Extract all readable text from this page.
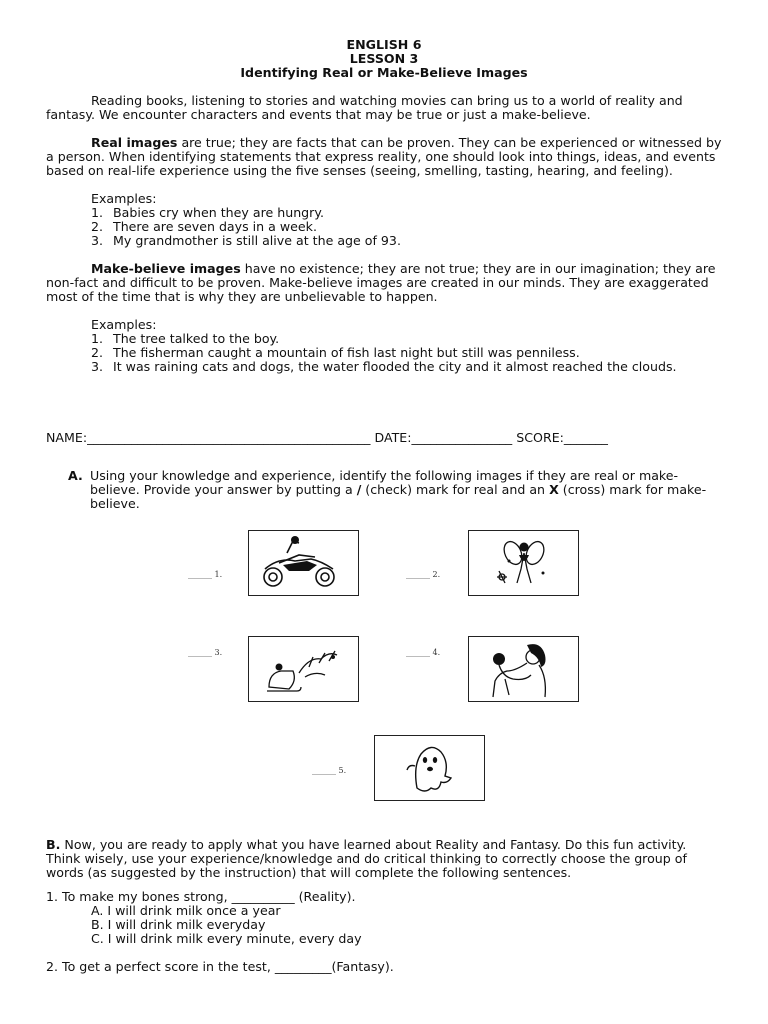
ENGLISH 6
LESSON 3
Identifying Real or Make-Believe Images

Reading books, listening to stories and watching movies can bring us to a world of reality and fantasy. We encounter characters and events that may be true or just a make-believe.

Real images are true; they are facts that can be proven. They can be experienced or witnessed by a person. When identifying statements that express reality, one should look into things, ideas, and events based on real-life experience using the five senses (seeing, smelling, tasting, hearing, and feeling).

Examples:
1. Babies cry when they are hungry.
2. There are seven days in a week.
3. My grandmother is still alive at the age of 93.

Make-believe images have no existence; they are not true; they are in our imagination; they are non-fact and difficult to be proven. Make-believe images are created in our minds. They are exaggerated most of the time that is why they are unbelievable to happen.

Examples:
1. The tree talked to the boy.
2. The fisherman caught a mountain of fish last night but still was penniless.
3. It was raining cats and dogs, the water flooded the city and it almost reached the clouds.
NAME:_____________________________________________ DATE:________________ SCORE:_______
A. Using your knowledge and experience, identify the following images if they are real or make-believe. Provide your answer by putting a / (check) mark for real and an X (cross) mark for make-believe.
______ 1.	______ 2.
______ 3.	______ 4.
______ 5.

B. Now, you are ready to apply what you have learned about Reality and Fantasy. Do this fun activity. Think wisely, use your experience/knowledge and do critical thinking to correctly choose the group of words (as suggested by the instruction) that will complete the following sentences.

1. To make my bones strong, __________ (Reality).
A. I will drink milk once a year
B. I will drink milk everyday
C. I will drink milk every minute, every day
2. To get a perfect score in the test, _________(Fantasy).
